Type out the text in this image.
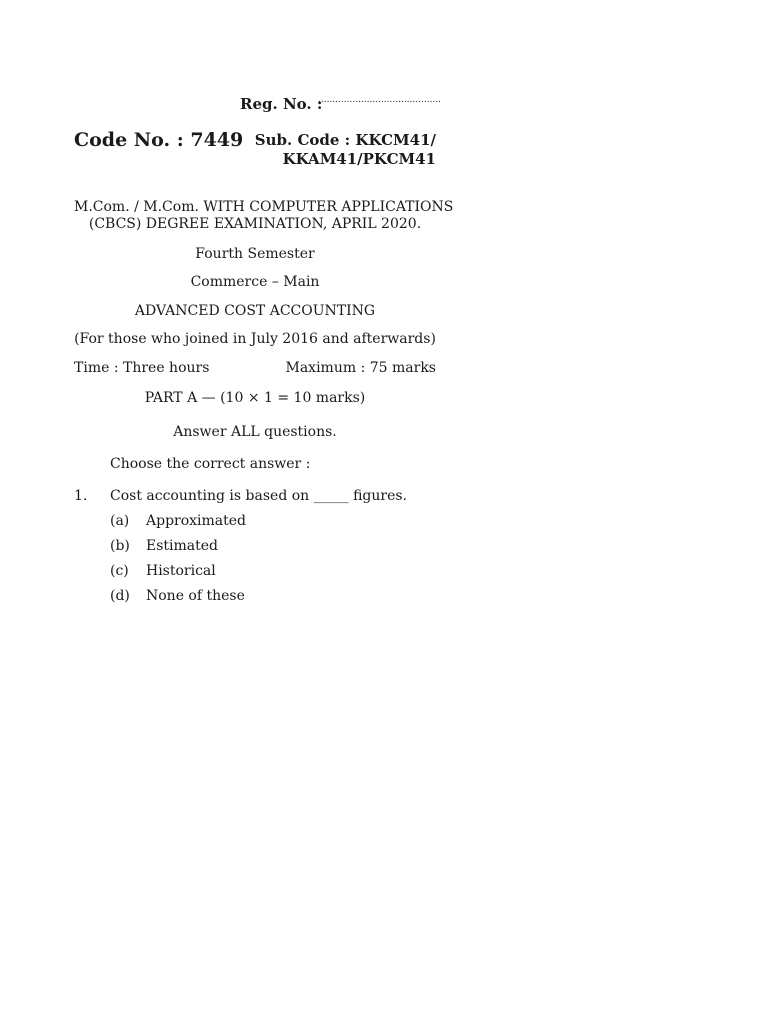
Reg. No. :
...........................................
Code No. : 7449 Sub. Code : KKCM41/
KKAM41/PKCM41
M.Com. / M.Com. WITH COMPUTER APPLICATIONS
(CBCS) DEGREE EXAMINATION, APRIL 2020.
Fourth Semester
Commerce – Main
ADVANCED COST ACCOUNTING
(For those who joined in July 2016 and afterwards)
Time : Three hours	Maximum : 75 marks
PART A — (10 × 1 = 10 marks)
Answer ALL questions.
Choose the correct answer :
1. Cost accounting is based on _____ figures.
(a) Approximated
(b) Estimated
(c) Historical
(d) None of these
